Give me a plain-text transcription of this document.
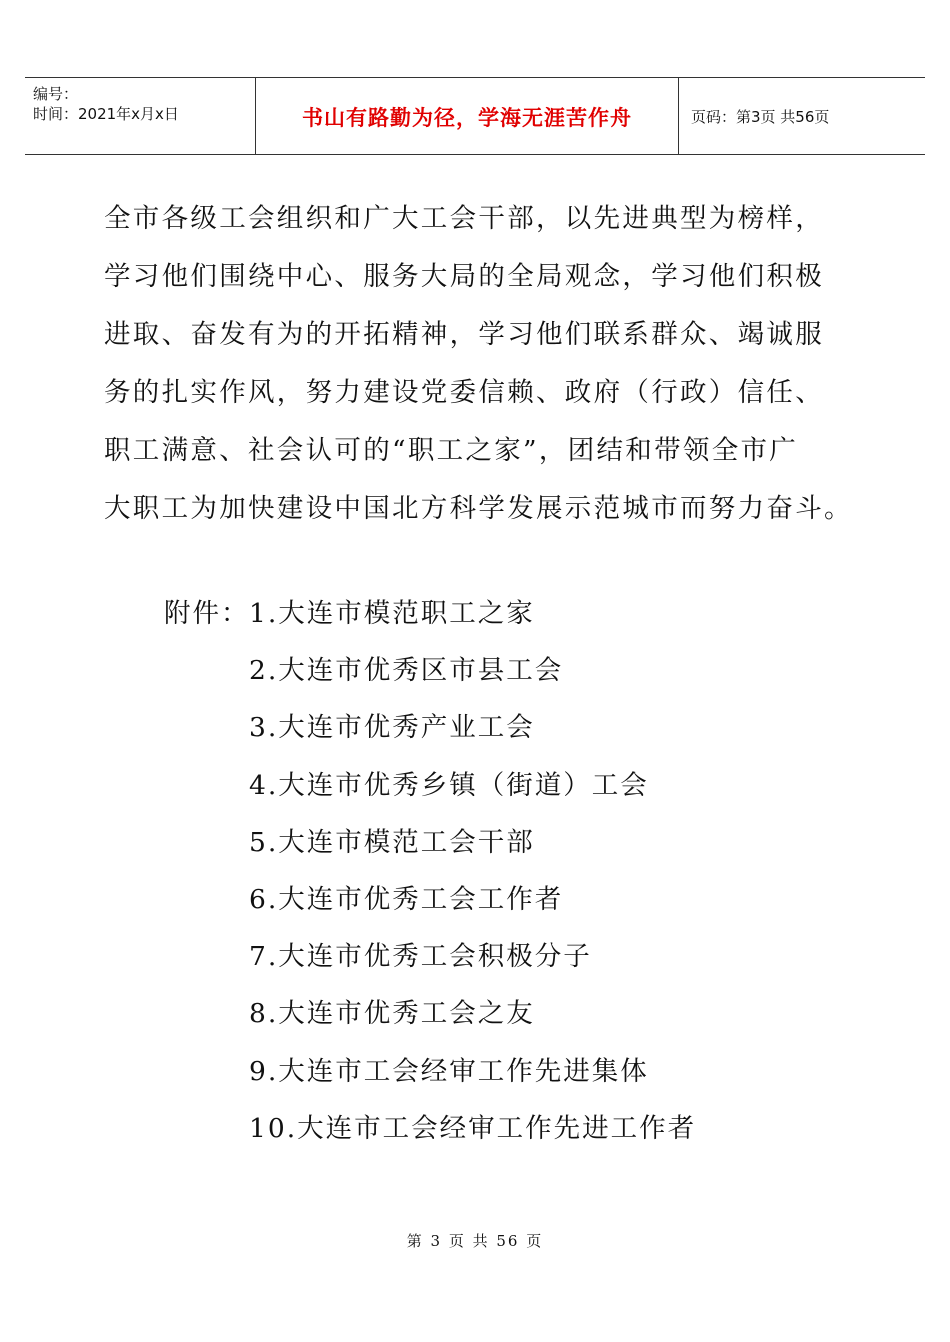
编号：
时间：2021年x月x日	书山有路勤为径，学海无涯苦作舟	页码：第3页 共56页
全市各级工会组织和广大工会干部，以先进典型为榜样，
学习他们围绕中心、服务大局的全局观念，学习他们积极
进取、奋发有为的开拓精神，学习他们联系群众、竭诚服
务的扎实作风，努力建设党委信赖、政府（行政）信任、
职工满意、社会认可的“职工之家”，团结和带领全市广
大职工为加快建设中国北方科学发展示范城市而努力奋斗。
附件： 1.大连市模范职工之家
2.大连市优秀区市县工会
3.大连市优秀产业工会
4.大连市优秀乡镇（街道）工会
5.大连市模范工会干部
6.大连市优秀工会工作者
7.大连市优秀工会积极分子
8.大连市优秀工会之友
9.大连市工会经审工作先进集体
10.大连市工会经审工作先进工作者
第 3 页 共 56 页
